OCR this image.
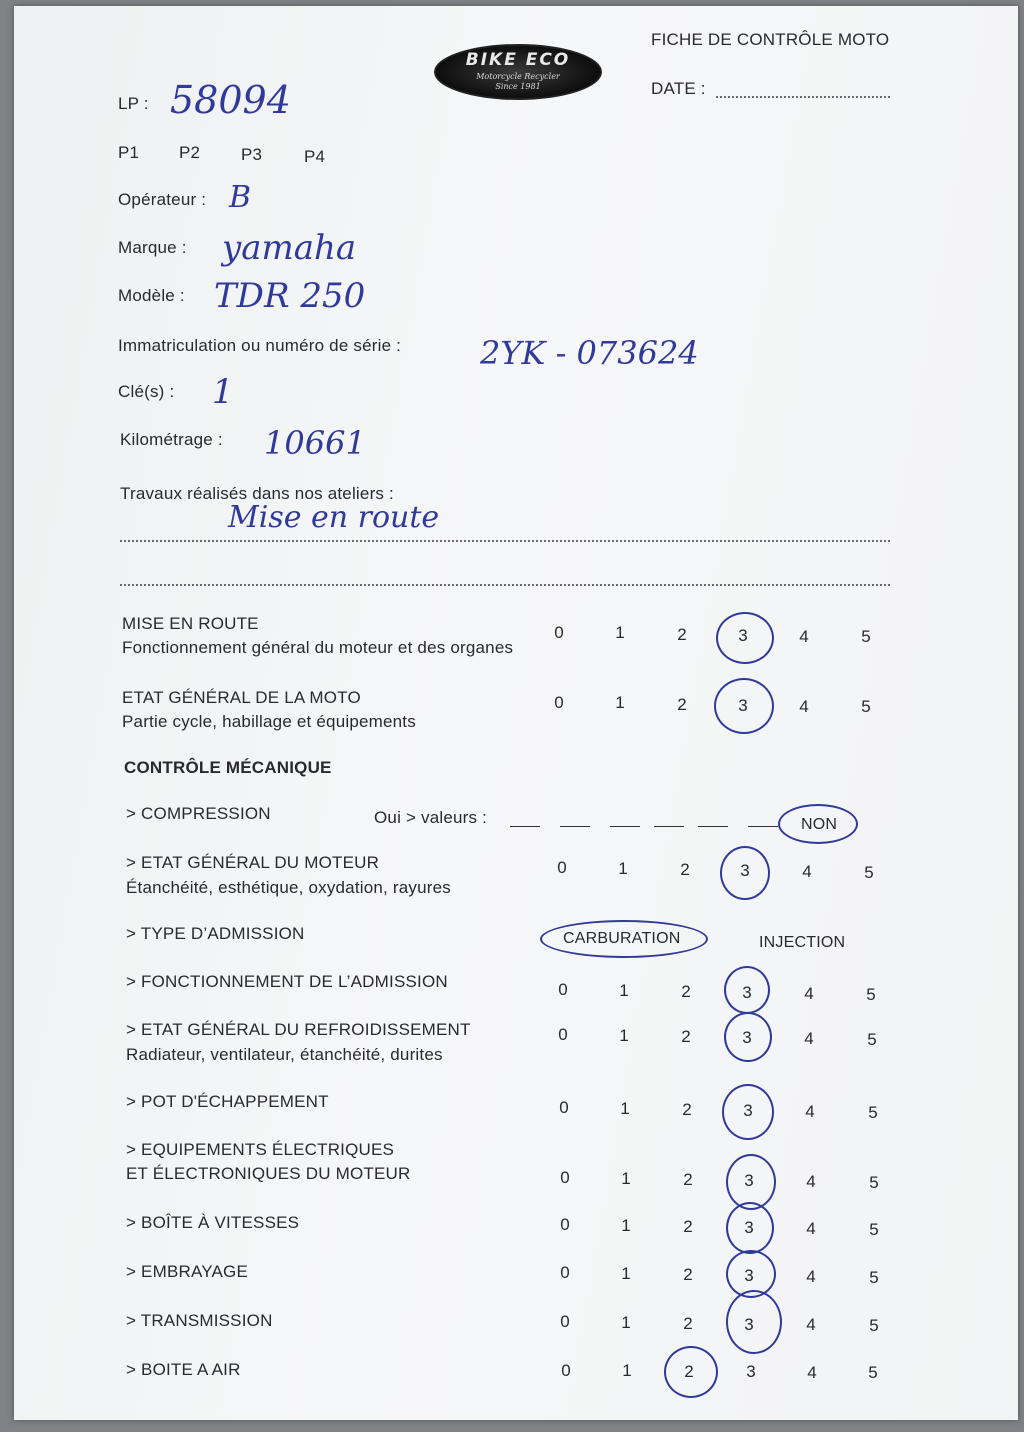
BIKE ECO
Motorcycle Recycler
Since 1981
FICHE DE CONTRÔLE MOTO
DATE :
LP : 58094
P1 P2 P3 P4
Opérateur : B
Marque : yamaha
Modèle : TDR 250
Immatriculation ou numéro de série : 2YK - 073624
Clé(s) : 1
Kilométrage : 10661
Travaux réalisés dans nos ateliers :
Mise en route
MISE EN ROUTE
Fonctionnement général du moteur et des organes
0	1	2	3	4	5
ETAT GÉNÉRAL DE LA MOTO
Partie cycle, habillage et équipements
0	1	2	3	4	5
CONTRÔLE MÉCANIQUE
> COMPRESSION	Oui > valeurs :	NON
> ETAT GÉNÉRAL DU MOTEUR
Étanchéité, esthétique, oxydation, rayures
0	1	2	3	4	5
> TYPE D’ADMISSION	CARBURATION	INJECTION
> FONCTIONNEMENT DE L’ADMISSION	0	1	2	3	4	5
> ETAT GÉNÉRAL DU REFROIDISSEMENT
Radiateur, ventilateur, étanchéité, durites
0	1	2	3	4	5
> POT D'ÉCHAPPEMENT	0	1	2	3	4	5
> EQUIPEMENTS ÉLECTRIQUES
ET ÉLECTRONIQUES DU MOTEUR	0	1	2	3	4	5
> BOÎTE À VITESSES	0	1	2	3	4	5
> EMBRAYAGE	0	1	2	3	4	5
> TRANSMISSION	0	1	2	3	4	5
> BOITE A AIR	0	1	2	3	4	5
